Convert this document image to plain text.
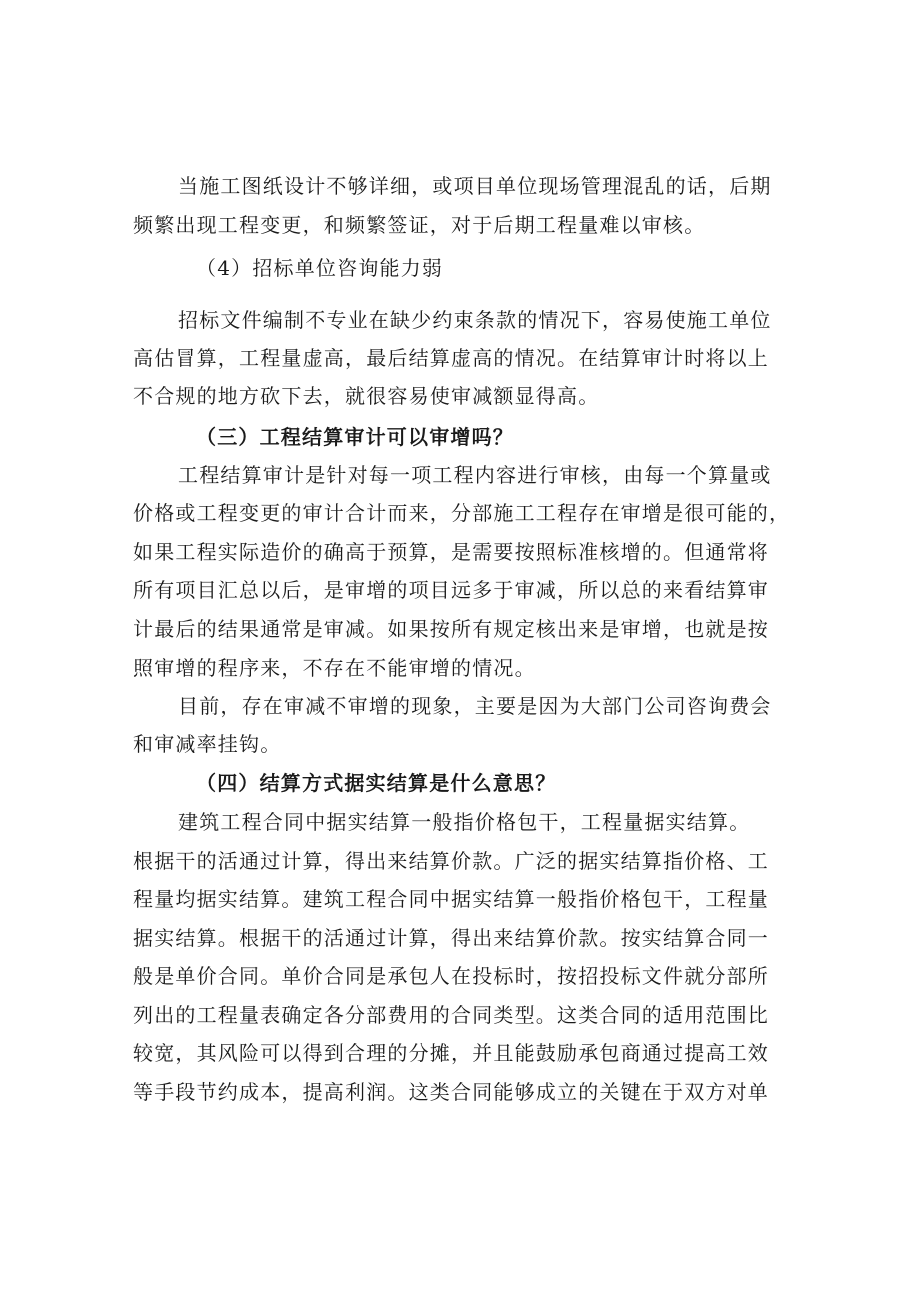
当施工图纸设计不够详细，或项目单位现场管理混乱的话，后期
频繁出现工程变更，和频繁签证，对于后期工程量难以审核。
（4）招标单位咨询能力弱
招标文件编制不专业在缺少约束条款的情况下，容易使施工单位
高估冒算，工程量虚高，最后结算虚高的情况。在结算审计时将以上
不合规的地方砍下去，就很容易使审减额显得高。
（三）工程结算审计可以审增吗？
工程结算审计是针对每一项工程内容进行审核，由每一个算量或
价格或工程变更的审计合计而来，分部施工工程存在审增是很可能的，
如果工程实际造价的确高于预算，是需要按照标准核增的。但通常将
所有项目汇总以后，是审增的项目远多于审减，所以总的来看结算审
计最后的结果通常是审减。如果按所有规定核出来是审增，也就是按
照审增的程序来，不存在不能审增的情况。
目前，存在审减不审增的现象，主要是因为大部门公司咨询费会
和审减率挂钩。
（四）结算方式据实结算是什么意思？
建筑工程合同中据实结算一般指价格包干，工程量据实结算。
根据干的活通过计算，得出来结算价款。广泛的据实结算指价格、工
程量均据实结算。建筑工程合同中据实结算一般指价格包干，工程量
据实结算。根据干的活通过计算，得出来结算价款。按实结算合同一
般是单价合同。单价合同是承包人在投标时，按招投标文件就分部所
列出的工程量表确定各分部费用的合同类型。这类合同的适用范围比
较宽，其风险可以得到合理的分摊，并且能鼓励承包商通过提高工效
等手段节约成本，提高利润。这类合同能够成立的关键在于双方对单
